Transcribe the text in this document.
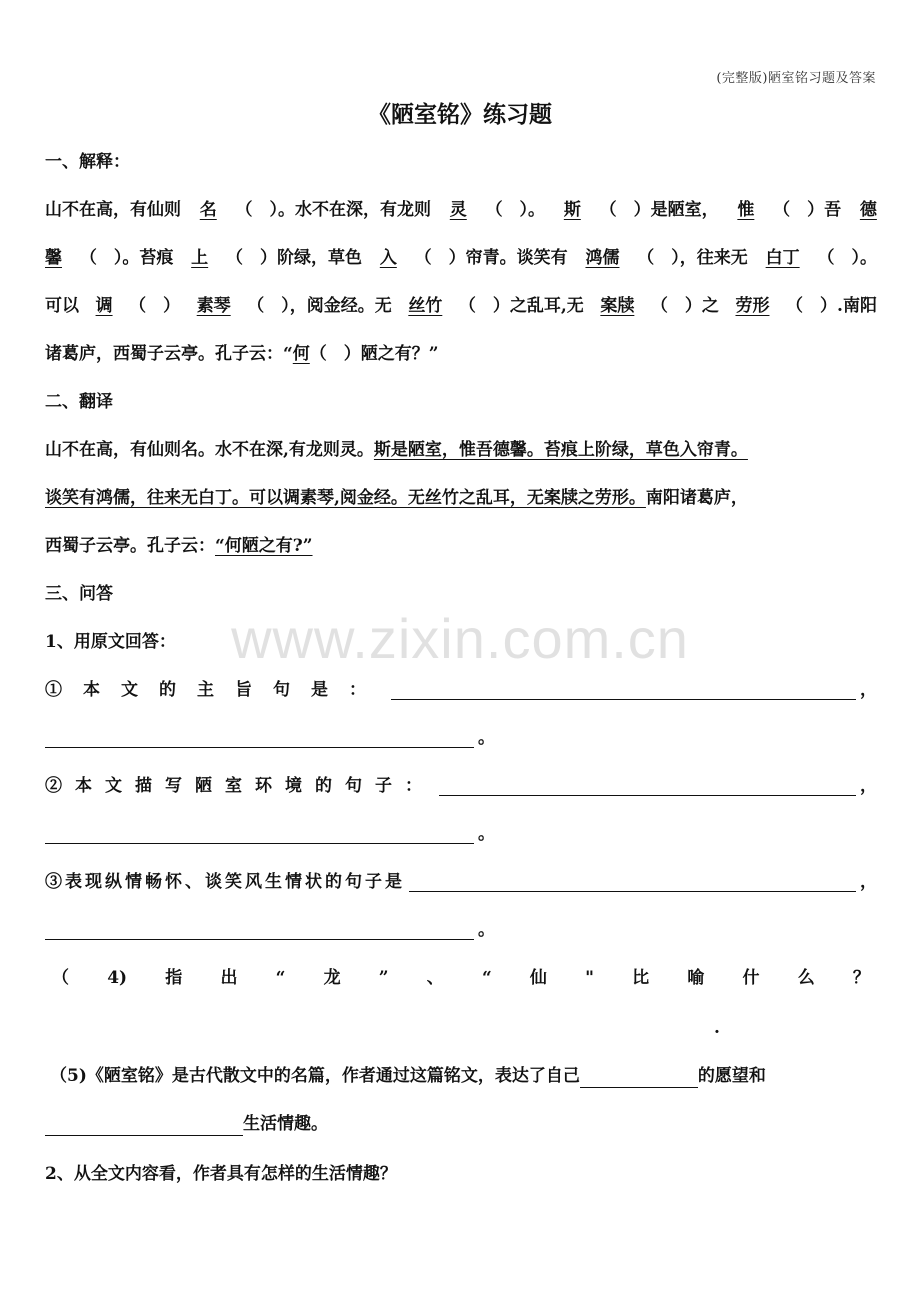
(完整版)陋室铭习题及答案
《陋室铭》练习题
一、解释：
山不在高，有仙则 名 （　）。水不在深，有龙则 灵 （　）。 斯 （　）是陋室， 惟 （　）吾 德
馨 （　）。苔痕 上 （　）阶绿，草色 入 （　）帘青。谈笑有 鸿儒 （　），往来无 白丁 （　）。
可以 调 （　） 素琴 （　），阅金经。无 丝竹 （　）之乱耳,无 案牍 （　）之 劳形 （　）.南阳
诸葛庐，西蜀子云亭。孔子云：“何（　）陋之有？”
二、翻译
山不在高，有仙则名。水不在深,有龙则灵。斯是陋室，惟吾德馨。苔痕上阶绿，草色入帘青。
谈笑有鸿儒，往来无白丁。可以调素琴,阅金经。无丝竹之乱耳，无案牍之劳形。南阳诸葛庐，
西蜀子云亭。孔子云：“何陋之有?”
www.zixin.com.cn
三、问答
1、用原文回答：
①本文的主旨句是：	，
。
②本文描写陋室环境的句子：	，
。
③表现纵情畅怀、谈笑风生情状的句子是	，
。
（ 4) 指 出 “ 龙 ” 、 “ 仙 " 比 喻 什 么 ？
.
（5)《陋室铭》是古代散文中的名篇，作者通过这篇铭文，表达了自己	的愿望和
生活情趣。
2、从全文内容看，作者具有怎样的生活情趣？
